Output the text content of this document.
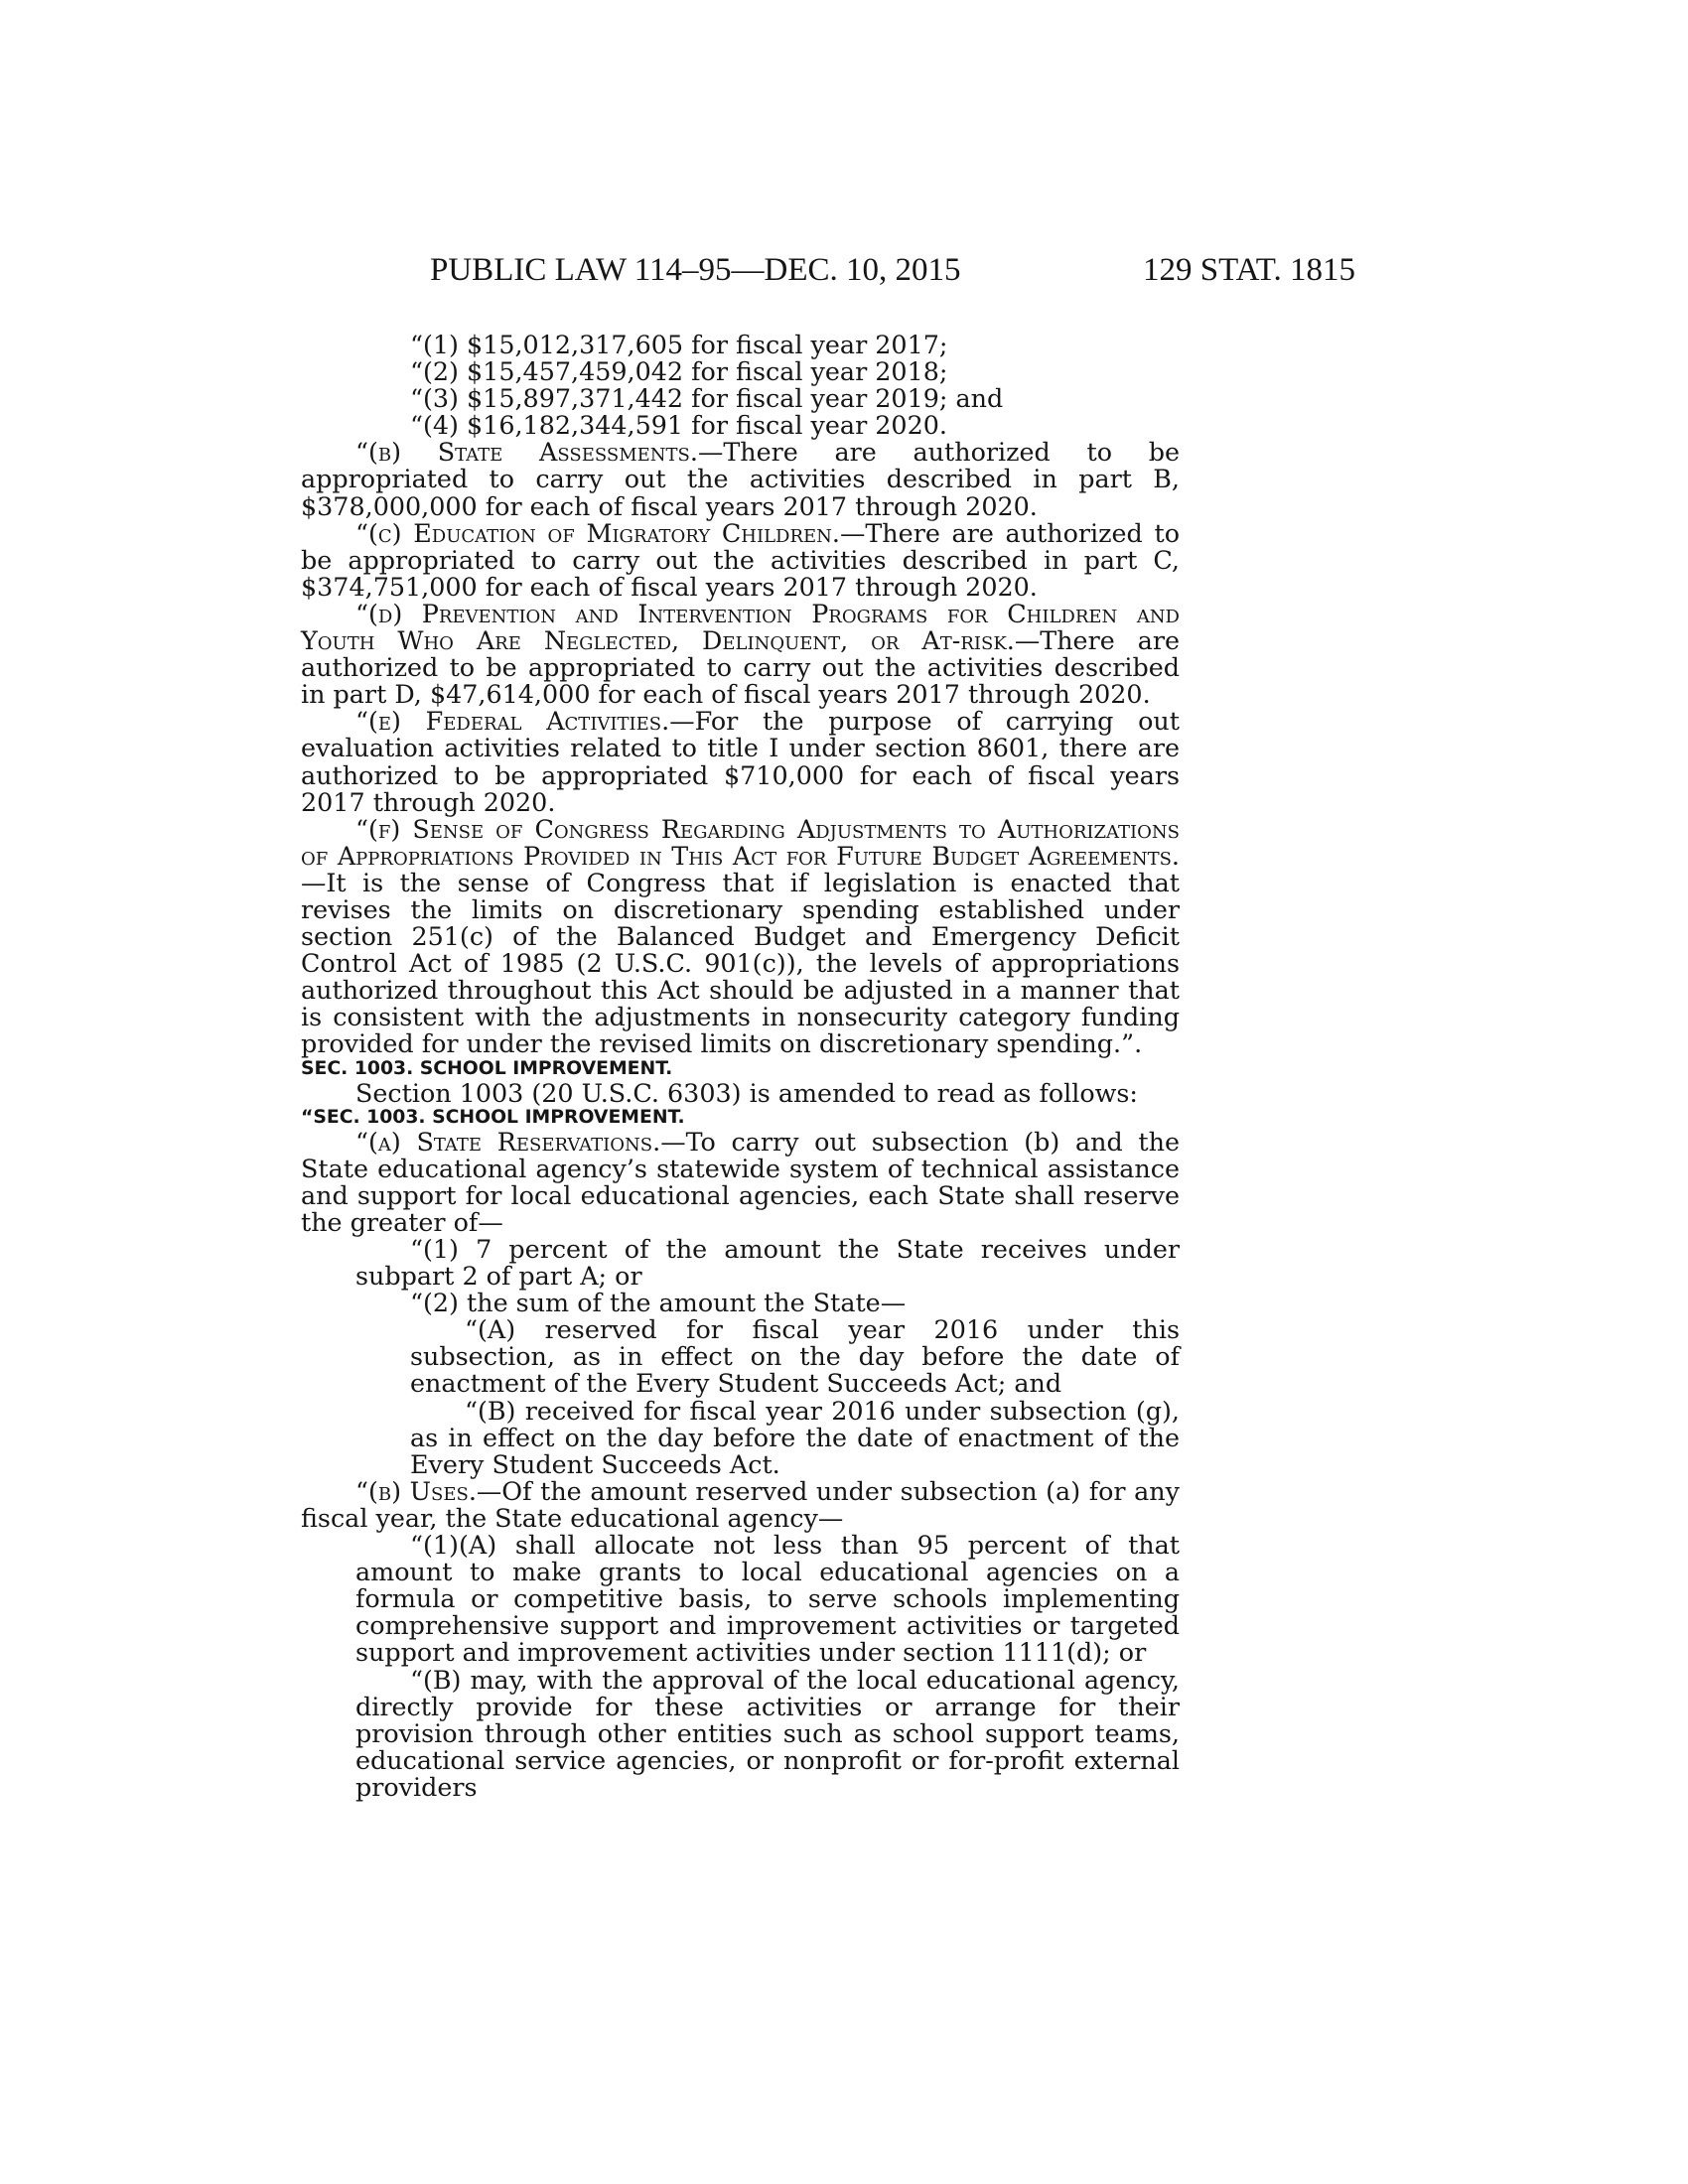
PUBLIC LAW 114–95—DEC. 10, 2015	129 STAT. 1815

“(1) $15,012,317,605 for fiscal year 2017;

“(2) $15,457,459,042 for fiscal year 2018;

“(3) $15,897,371,442 for fiscal year 2019; and

“(4) $16,182,344,591 for fiscal year 2020.

“(b) State Assessments.—There are authorized to be appropriated to carry out the activities described in part B, $378,000,000 for each of fiscal years 2017 through 2020.

“(c) Education of Migratory Children.—There are authorized to be appropriated to carry out the activities described in part C, $374,751,000 for each of fiscal years 2017 through 2020.

“(d) Prevention and Intervention Programs for Children and Youth Who Are Neglected, Delinquent, or At-risk.—There are authorized to be appropriated to carry out the activities described in part D, $47,614,000 for each of fiscal years 2017 through 2020.

“(e) Federal Activities.—For the purpose of carrying out evaluation activities related to title I under section 8601, there are authorized to be appropriated $710,000 for each of fiscal years 2017 through 2020.

“(f) Sense of Congress Regarding Adjustments to Authorizations of Appropriations Provided in This Act for Future Budget Agreements.—It is the sense of Congress that if legislation is enacted that revises the limits on discretionary spending established under section 251(c) of the Balanced Budget and Emergency Deficit Control Act of 1985 (2 U.S.C. 901(c)), the levels of appropriations authorized throughout this Act should be adjusted in a manner that is consistent with the adjustments in nonsecurity category funding provided for under the revised limits on discretionary spending.”.

SEC. 1003. SCHOOL IMPROVEMENT.

Section 1003 (20 U.S.C. 6303) is amended to read as follows:

“SEC. 1003. SCHOOL IMPROVEMENT.

“(a) State Reservations.—To carry out subsection (b) and the State educational agency’s statewide system of technical assistance and support for local educational agencies, each State shall reserve the greater of—

“(1) 7 percent of the amount the State receives under subpart 2 of part A; or

“(2) the sum of the amount the State—

“(A) reserved for fiscal year 2016 under this subsection, as in effect on the day before the date of enactment of the Every Student Succeeds Act; and

“(B) received for fiscal year 2016 under subsection (g), as in effect on the day before the date of enactment of the Every Student Succeeds Act.

“(b) Uses.—Of the amount reserved under subsection (a) for any fiscal year, the State educational agency—

“(1)(A) shall allocate not less than 95 percent of that amount to make grants to local educational agencies on a formula or competitive basis, to serve schools implementing comprehensive support and improvement activities or targeted support and improvement activities under section 1111(d); or

“(B) may, with the approval of the local educational agency, directly provide for these activities or arrange for their provision through other entities such as school support teams, educational service agencies, or nonprofit or for-profit external providers
